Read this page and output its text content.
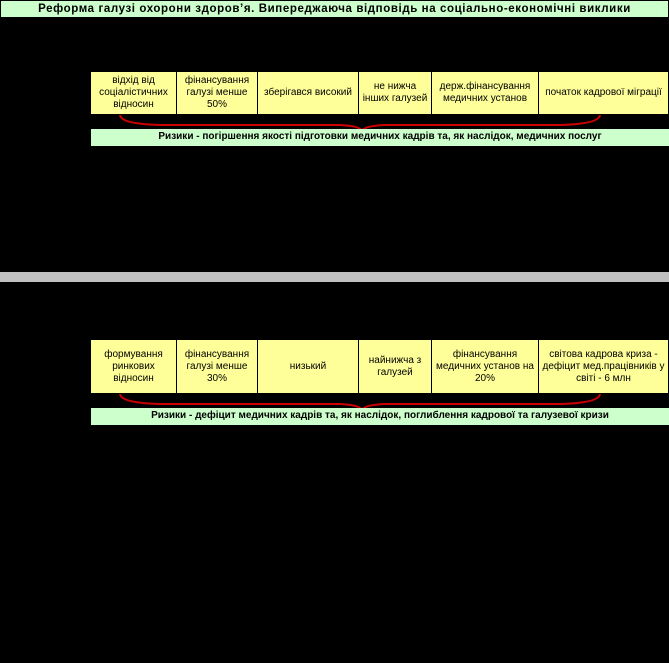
Реформа галузі охорони здоров’я. Випереджаюча відповідь на соціально-економічні виклики
відхід від соціалістичних відносин
фінансування галузі менше 50%
зберігався високий
не нижча інших галузей
держ.фінансування медичних установ
початок кадрової міграції
Ризики - погіршення якості підготовки медичних кадрів та, як наслідок, медичних послуг
формування ринкових відносин
фінансування галузі менше 30%
низький
найнижча з галузей
фінансування медичних установ на 20%
світова кадрова криза - дефіцит мед.працівників у світі - 6 млн
Ризики - дефіцит медичних кадрів та, як наслідок, поглиблення кадрової та галузевої кризи
